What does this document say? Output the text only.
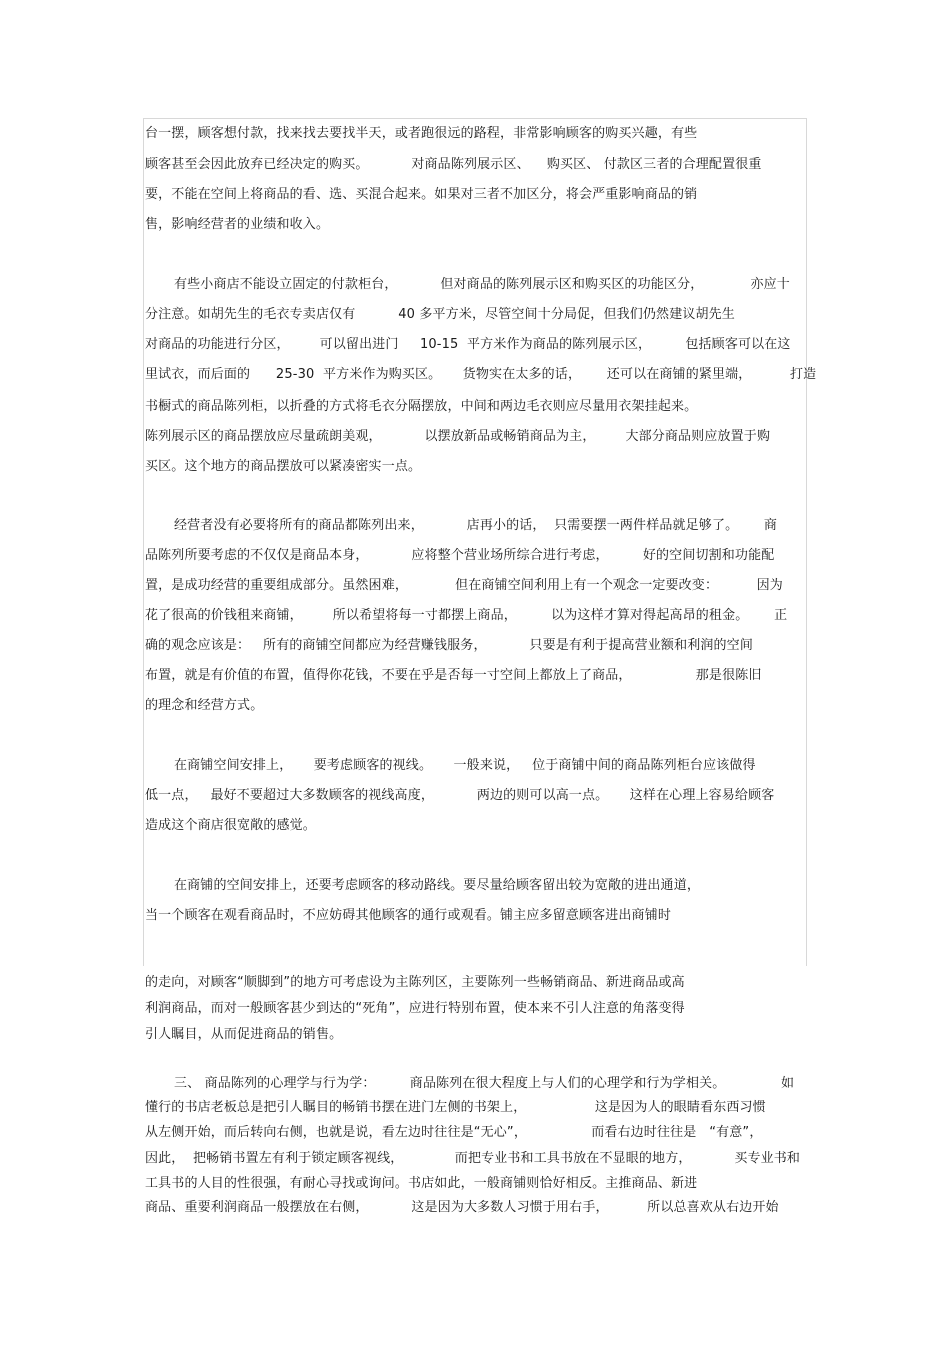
台一摆，顾客想付款，找来找去要找半天，或者跑很远的路程，非常影响顾客的购买兴趣，有些
顾客甚至会因此放弃已经决定的购买。          对商品陈列展示区、    购买区、 付款区三者的合理配置很重
要，不能在空间上将商品的看、选、买混合起来。如果对三者不加区分，将会严重影响商品的销
售，影响经营者的业绩和收入。
有些小商店不能设立固定的付款柜台，          但对商品的陈列展示区和购买区的功能区分，           亦应十
分注意。如胡先生的毛衣专卖店仅有          40 多平方米，尽管空间十分局促，但我们仍然建议胡先生
对商品的功能进行分区，       可以留出进门     10-15  平方米作为商品的陈列展示区，        包括顾客可以在这
里试衣，而后面的      25-30  平方米作为购买区。     货物实在太多的话，      还可以在商铺的紧里端，         打造
书橱式的商品陈列柜，以折叠的方式将毛衣分隔摆放，中间和两边毛衣则应尽量用衣架挂起来。
陈列展示区的商品摆放应尽量疏朗美观，          以摆放新品或畅销商品为主，       大部分商品则应放置于购
买区。这个地方的商品摆放可以紧凑密实一点。
经营者没有必要将所有的商品都陈列出来，          店再小的话，  只需要摆一两件样品就足够了。      商
品陈列所要考虑的不仅仅是商品本身，          应将整个营业场所综合进行考虑，        好的空间切割和功能配
置，是成功经营的重要组成部分。虽然困难，           但在商铺空间利用上有一个观念一定要改变：         因为
花了很高的价钱租来商铺，       所以希望将每一寸都摆上商品，        以为这样才算对得起高昂的租金。      正
确的观念应该是：   所有的商铺空间都应为经营赚钱服务，          只要是有利于提高营业额和利润的空间
布置，就是有价值的布置，值得你花钱，不要在乎是否每一寸空间上都放上了商品，               那是很陈旧
的理念和经营方式。
在商铺空间安排上，     要考虑顾客的视线。     一般来说，   位于商铺中间的商品陈列柜台应该做得
低一点，   最好不要超过大多数顾客的视线高度，          两边的则可以高一点。     这样在心理上容易给顾客
造成这个商店很宽敞的感觉。
在商铺的空间安排上，还要考虑顾客的移动路线。要尽量给顾客留出较为宽敞的进出通道，
当一个顾客在观看商品时，不应妨碍其他顾客的通行或观看。铺主应多留意顾客进出商铺时
的走向，对顾客“顺脚到”的地方可考虑设为主陈列区，主要陈列一些畅销商品、新进商品或高
利润商品，而对一般顾客甚少到达的“死角”，应进行特别布置，使本来不引人注意的角落变得
引人瞩目，从而促进商品的销售。
三、 商品陈列的心理学与行为学：        商品陈列在很大程度上与人们的心理学和行为学相关。             如
懂行的书店老板总是把引人瞩目的畅销书摆在进门左侧的书架上，                这是因为人的眼睛看东西习惯
从左侧开始，而后转向右侧，也就是说，看左边时往往是“无心”，               而看右边时往往是   “有意”，
因此，  把畅销书置左有利于锁定顾客视线，            而把专业书和工具书放在不显眼的地方，          买专业书和
工具书的人目的性很强，有耐心寻找或询问。书店如此，一般商铺则恰好相反。主推商品、新进
商品、重要利润商品一般摆放在右侧，          这是因为大多数人习惯于用右手，         所以总喜欢从右边开始
